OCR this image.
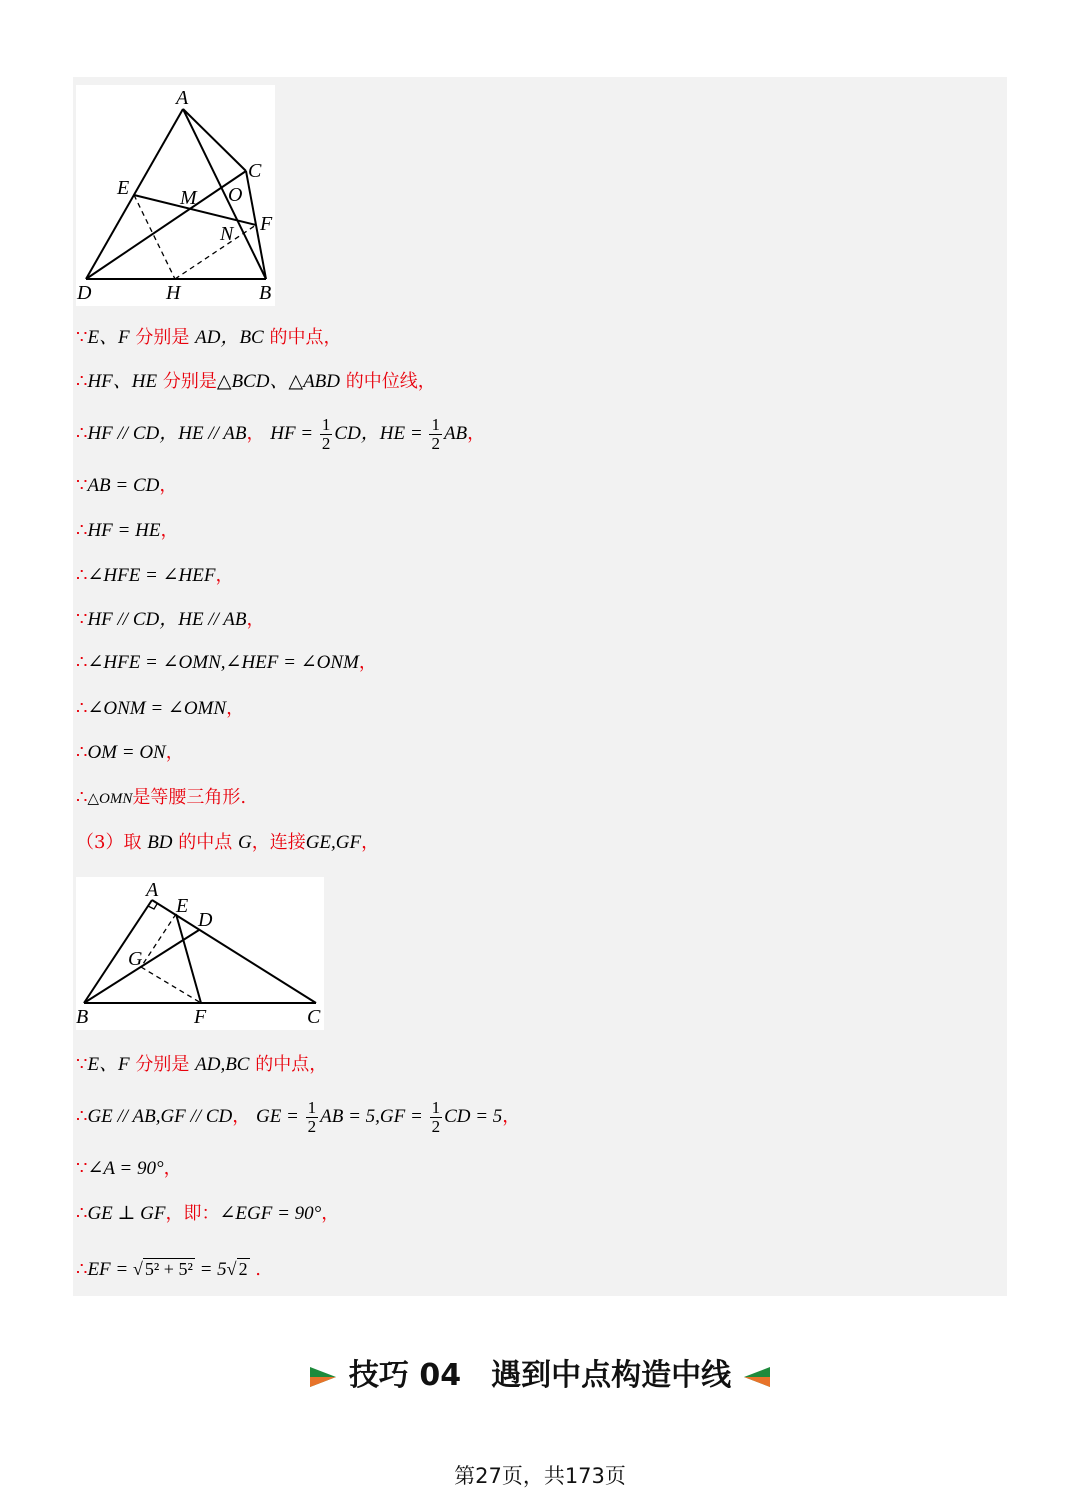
A
C
E	M O
F
N
D	H	B
∵E、F 分别是 AD，BC 的中点，
∴HF、HE 分别是△BCD、△ABD 的中位线，
∴HF // CD，HE // AB， HF = $\frac{1}{2}$ CD，HE = $\frac{1}{2}$ AB，
∵AB = CD，
∴HF = HE，
∴∠HFE = ∠HEF，
∵HF // CD，HE // AB，
∴∠HFE = ∠OMN,∠HEF = ∠ONM，
∴∠ONM = ∠OMN，
∴OM = ON，
∴△OMN是等腰三角形.
（3）取 BD 的中点 G，连接GE,GF，
A
E
D
G
B	F	C
∵E、F 分别是 AD,BC 的中点，
∴GE // AB,GF // CD， GE = $\frac{1}{2}$ AB = $5,GF = \frac{1}{2}$ CD = 5，
∵∠A = 90°，
∴GE ⊥ GF，即：∠EGF = 90°，
∴EF = √ 5² + 5² = 5√ 2 .
技巧 04　遇到中点构造中线
第27页，共173页
